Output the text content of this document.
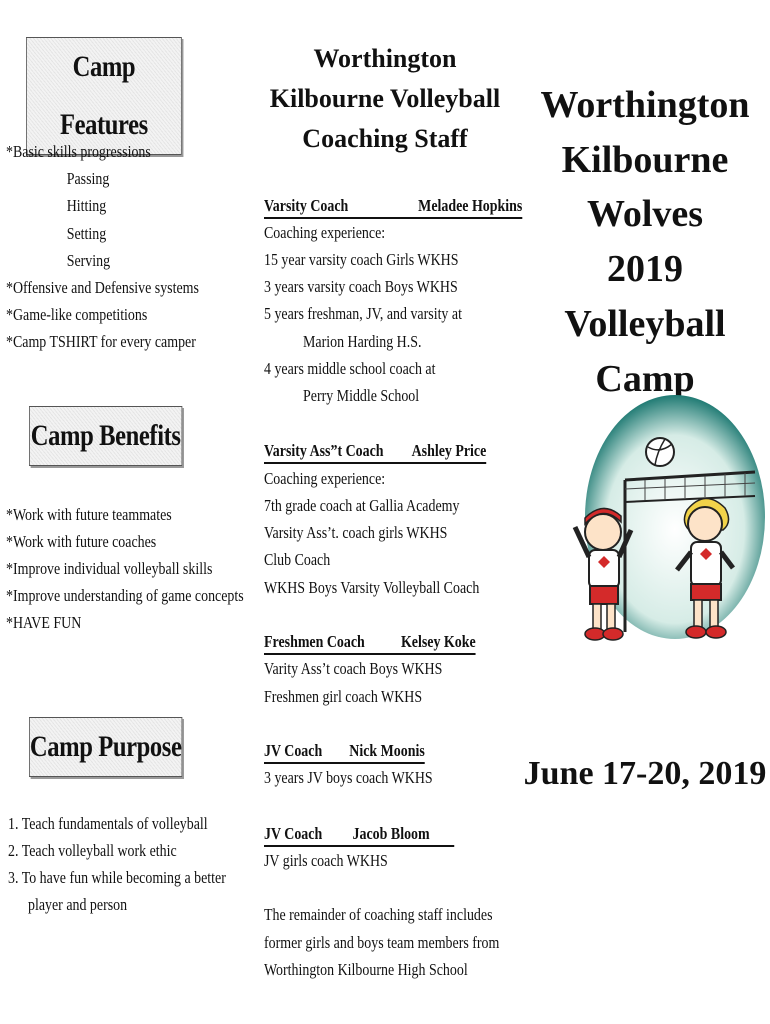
Camp Features
*Basic skills progressions
Passing
Hitting
Setting
Serving
*Offensive and Defensive systems
*Game-like competitions
*Camp TSHIRT for every camper
Camp Benefits
*Work with future teammates
*Work with future coaches
*Improve individual volleyball skills
*Improve understanding of game concepts
*HAVE FUN
Camp Purpose
1. Teach fundamentals of volleyball
2. Teach volleyball work ethic
3. To have fun while becoming a better
player and person
Worthington
Kilbourne Volleyball
Coaching Staff
Varsity Coach	Meladee Hopkins
Coaching experience:
15 year varsity coach Girls WKHS
3 years varsity coach Boys WKHS
5 years freshman, JV, and varsity at
Marion Harding H.S.
4 years middle school coach at
Perry Middle School
Varsity Ass”t Coach Ashley Price
Coaching experience:
7th grade coach at Gallia Academy
Varsity Ass’t. coach girls WKHS
Club Coach
WKHS Boys Varsity Volleyball Coach
Freshmen Coach Kelsey Koke
Varity Ass’t coach Boys WKHS
Freshmen girl coach WKHS
JV Coach Nick Moonis
3 years JV boys coach WKHS
JV Coach Jacob Bloom
JV girls coach WKHS
The remainder of coaching staff includes
former girls and boys team members from
Worthington Kilbourne High School
Worthington
Kilbourne
Wolves
2019
Volleyball Camp
June 17-20, 2019
